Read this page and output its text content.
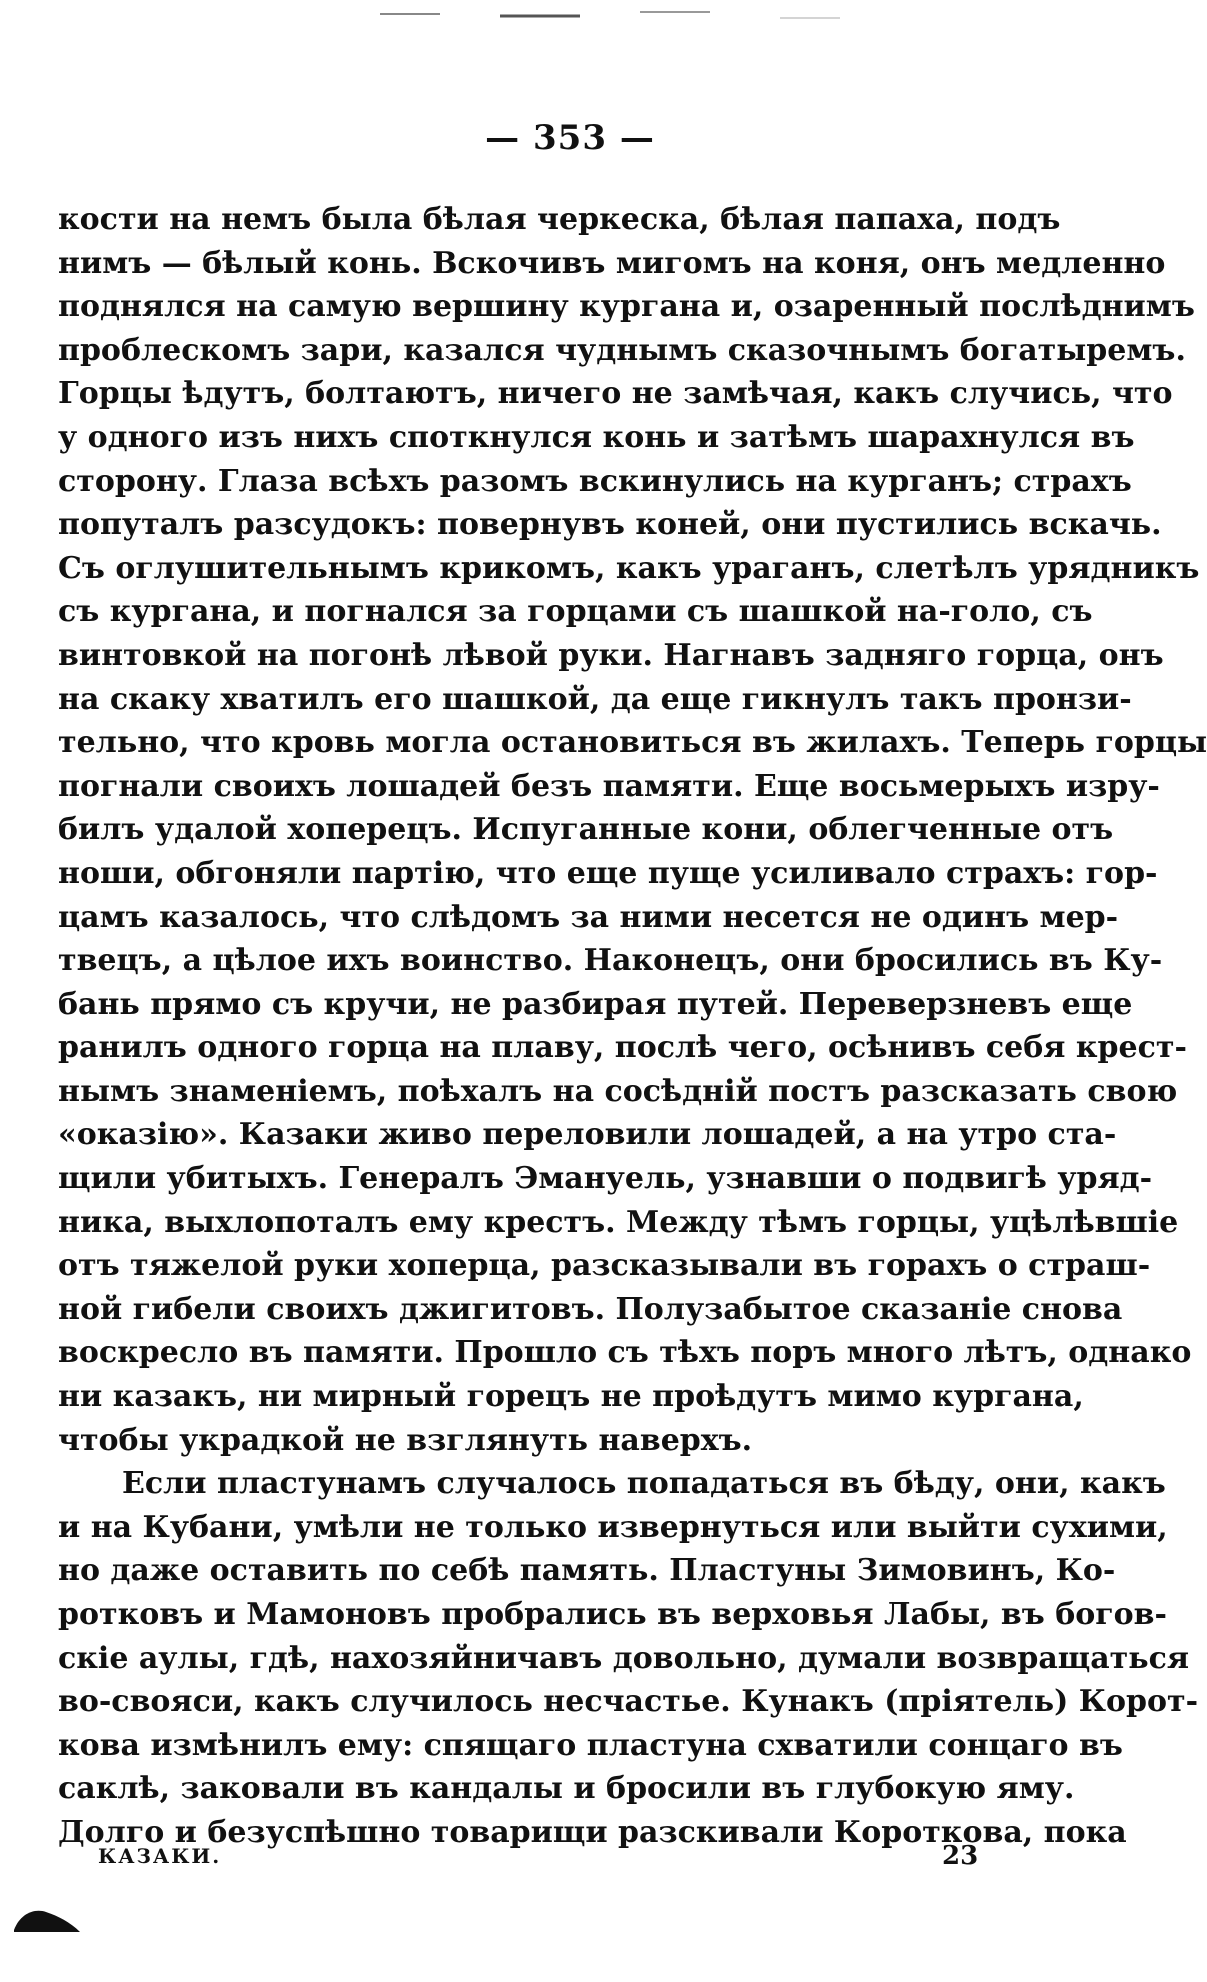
— 353 —
кости на немъ была бѣлая черкеска, бѣлая папаха, подъ
нимъ — бѣлый конь. Вскочивъ мигомъ на коня, онъ медленно
поднялся на самую вершину кургана и, озаренный послѣднимъ
проблескомъ зари, казался чуднымъ сказочнымъ богатыремъ.
Горцы ѣдутъ, болтаютъ, ничего не замѣчая, какъ случись, что
у одного изъ нихъ споткнулся конь и затѣмъ шарахнулся въ
сторону. Глаза всѣхъ разомъ вскинулись на курганъ; страхъ
попуталъ разсудокъ: повернувъ коней, они пустились вскачь.
Съ оглушительнымъ крикомъ, какъ ураганъ, слетѣлъ урядникъ
съ кургана, и погнался за горцами съ шашкой на-голо, съ
винтовкой на погонѣ лѣвой руки. Нагнавъ задняго горца, онъ
на скаку хватилъ его шашкой, да еще гикнулъ такъ пронзи-
тельно, что кровь могла остановиться въ жилахъ. Теперь горцы
погнали своихъ лошадей безъ памяти. Еще восьмерыхъ изру-
билъ удалой хоперецъ. Испуганные кони, облегченные отъ
ноши, обгоняли партію, что еще пуще усиливало страхъ: гор-
цамъ казалось, что слѣдомъ за ними несется не одинъ мер-
твецъ, а цѣлое ихъ воинство. Наконецъ, они бросились въ Ку-
бань прямо съ кручи, не разбирая путей. Переверзневъ еще
ранилъ одного горца на плаву, послѣ чего, осѣнивъ себя крест-
нымъ знаменіемъ, поѣхалъ на сосѣдній постъ разсказать свою
«оказію». Казаки живо переловили лошадей, а на утро ста-
щили убитыхъ. Генералъ Эмануель, узнавши о подвигѣ уряд-
ника, выхлопоталъ ему крестъ. Между тѣмъ горцы, уцѣлѣвшіе
отъ тяжелой руки хоперца, разсказывали въ горахъ о страш-
ной гибели своихъ джигитовъ. Полузабытое сказаніе снова
воскресло въ памяти. Прошло съ тѣхъ поръ много лѣтъ, однако
ни казакъ, ни мирный горецъ не проѣдутъ мимо кургана,
чтобы украдкой не взглянуть наверхъ.
Если пластунамъ случалось попадаться въ бѣду, они, какъ
и на Кубани, умѣли не только извернуться или выйти сухими,
но даже оставить по себѣ память. Пластуны Зимовинъ, Ко-
ротковъ и Мамоновъ пробрались въ верховья Лабы, въ богов-
скіе аулы, гдѣ, нахозяйничавъ довольно, думали возвращаться
во-свояси, какъ случилось несчастье. Кунакъ (пріятель) Корот-
кова измѣнилъ ему: спящаго пластуна схватили сонцаго въ
саклѣ, заковали въ кандалы и бросили въ глубокую яму.
Долго и безуспѣшно товарищи разскивали Короткова, пока
КАЗАКИ.	23
